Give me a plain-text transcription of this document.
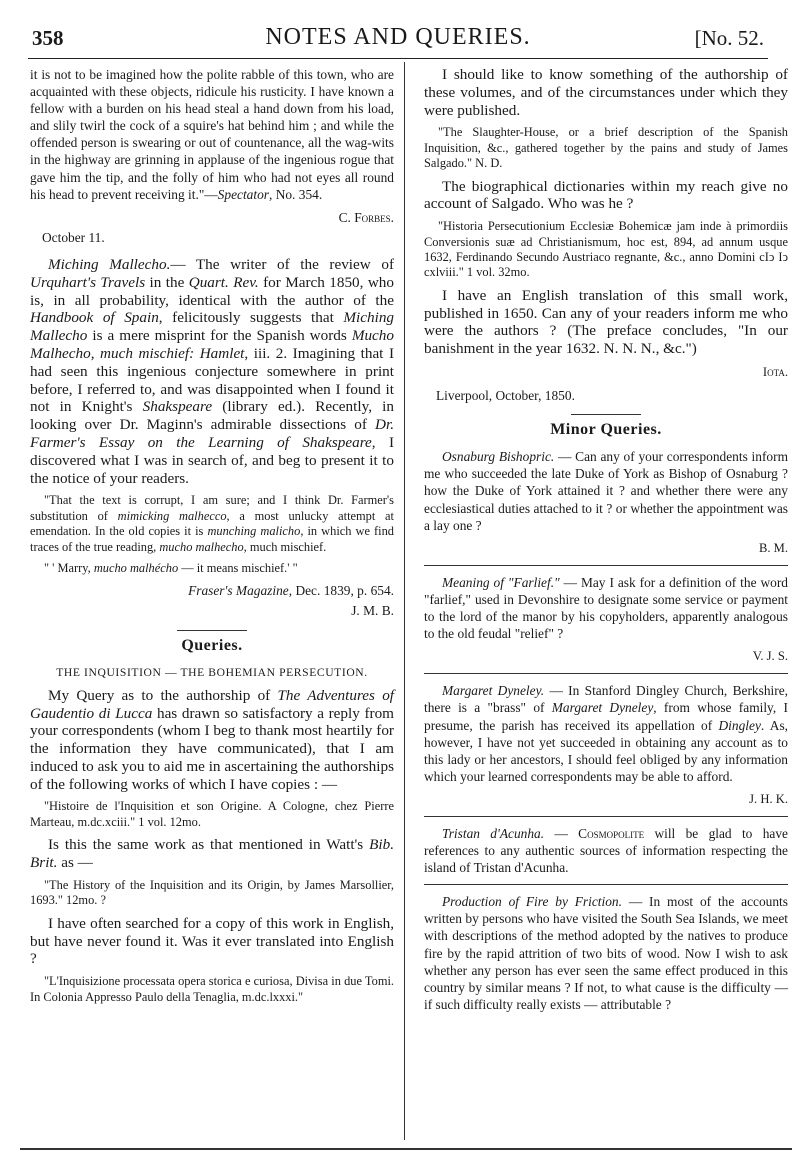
358	NOTES AND QUERIES.	[No. 52.

it is not to be imagined how the polite rabble of this town, who are acquainted with these objects, ridicule his rusticity. I have known a fellow with a burden on his head steal a hand down from his load, and slily twirl the cock of a squire's hat behind him ; and while the offended person is swearing or out of countenance, all the wag-wits in the highway are grinning in applause of the ingenious rogue that gave him the tip, and the folly of him who had not eyes all round his head to prevent receiving it."—Spectator, No. 354.

C. Forbes.

October 11.

Miching Mallecho.— The writer of the review of Urquhart's Travels in the Quart. Rev. for March 1850, who is, in all probability, identical with the author of the Handbook of Spain, felicitously suggests that Miching Mallecho is a mere misprint for the Spanish words Mucho Malhecho, much mischief: Hamlet, iii. 2. Imagining that I had seen this ingenious conjecture somewhere in print before, I referred to, and was disappointed when I found it not in Knight's Shakspeare (library ed.). Recently, in looking over Dr. Maginn's admirable dissections of Dr. Farmer's Essay on the Learning of Shakspeare, I discovered what I was in search of, and beg to present it to the notice of your readers.

"That the text is corrupt, I am sure; and I think Dr. Farmer's substitution of mimicking malhecco, a most unlucky attempt at emendation. In the old copies it is munching malicho, in which we find traces of the true reading, mucho malhecho, much mischief.

" ' Marry, mucho malhécho — it means mischief.' "

Fraser's Magazine, Dec. 1839, p. 654.

J. M. B.

Queries.
THE INQUISITION — THE BOHEMIAN PERSECUTION.

My Query as to the authorship of The Adventures of Gaudentio di Lucca has drawn so satisfactory a reply from your correspondents (whom I beg to thank most heartily for the information they have communicated), that I am induced to ask you to aid me in ascertaining the authorships of the following works of which I have copies : —

"Histoire de l'Inquisition et son Origine. A Cologne, chez Pierre Marteau, m.dc.xciii." 1 vol. 12mo.

Is this the same work as that mentioned in Watt's Bib. Brit. as —

"The History of the Inquisition and its Origin, by James Marsollier, 1693." 12mo. ?

I have often searched for a copy of this work in English, but have never found it. Was it ever translated into English ?

"L'Inquisizione processata opera storica e curiosa, Divisa in due Tomi. In Colonia Appresso Paulo della Tenaglia, m.dc.lxxxi."

I should like to know something of the authorship of these volumes, and of the circumstances under which they were published.

"The Slaughter-House, or a brief description of the Spanish Inquisition, &c., gathered together by the pains and study of James Salgado." N. D.

The biographical dictionaries within my reach give no account of Salgado. Who was he ?

"Historia Persecutionium Ecclesiæ Bohemicæ jam inde à primordiis Conversionis suæ ad Christianismum, hoc est, 894, ad annum usque 1632, Ferdinando Secundo Austriaco regnante, &c., anno Domini cIↄ Iↄ cxlviii." 1 vol. 32mo.

I have an English translation of this small work, published in 1650. Can any of your readers inform me who were the authors ? (The preface concludes, "In our banishment in the year 1632. N. N. N., &c.")

Iota.

Liverpool, October, 1850.

Minor Queries.

Osnaburg Bishopric. — Can any of your correspondents inform me who succeeded the late Duke of York as Bishop of Osnaburg ? how the Duke of York attained it ? and whether there were any ecclesiastical duties attached to it ? or whether the appointment was a lay one ?

B. M.

Meaning of "Farlief." — May I ask for a definition of the word "farlief," used in Devonshire to designate some service or payment to the lord of the manor by his copyholders, apparently analogous to the old feudal "relief" ?

V. J. S.

Margaret Dyneley. — In Stanford Dingley Church, Berkshire, there is a "brass" of Margaret Dyneley, from whose family, I presume, the parish has received its appellation of Dingley. As, however, I have not yet succeeded in obtaining any account as to this lady or her ancestors, I should feel obliged by any information which your learned correspondents may be able to afford.

J. H. K.

Tristan d'Acunha. — Cosmopolite will be glad to have references to any authentic sources of information respecting the island of Tristan d'Acunha.

Production of Fire by Friction. — In most of the accounts written by persons who have visited the South Sea Islands, we meet with descriptions of the method adopted by the natives to produce fire by the rapid attrition of two bits of wood. Now I wish to ask whether any person has ever seen the same effect produced in this country by similar means ? If not, to what cause is the difficulty — if such difficulty really exists — attributable ?
